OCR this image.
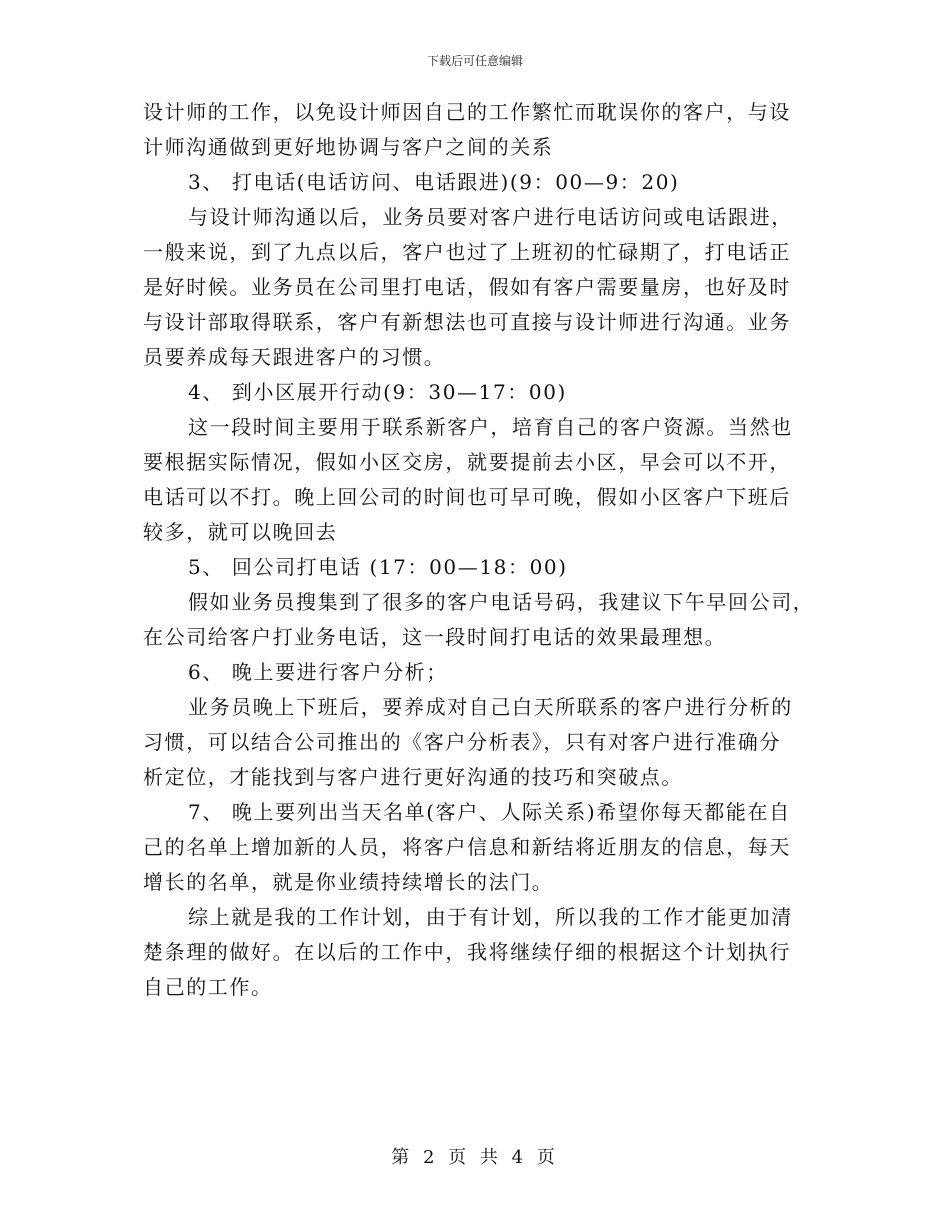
下载后可任意编辑
设计师的工作，以免设计师因自己的工作繁忙而耽误你的客户，与设
计师沟通做到更好地协调与客户之间的关系
3、 打电话(电话访问、电话跟进)(9：00—9：20)
与设计师沟通以后，业务员要对客户进行电话访问或电话跟进，
一般来说，到了九点以后，客户也过了上班初的忙碌期了，打电话正
是好时候。业务员在公司里打电话，假如有客户需要量房，也好及时
与设计部取得联系，客户有新想法也可直接与设计师进行沟通。业务
员要养成每天跟进客户的习惯。
4、 到小区展开行动(9：30—17：00)
这一段时间主要用于联系新客户，培育自己的客户资源。当然也
要根据实际情况，假如小区交房，就要提前去小区，早会可以不开，
电话可以不打。晚上回公司的时间也可早可晚，假如小区客户下班后
较多，就可以晚回去
5、 回公司打电话 (17：00—18：00)
假如业务员搜集到了很多的客户电话号码，我建议下午早回公司，
在公司给客户打业务电话，这一段时间打电话的效果最理想。
6、 晚上要进行客户分析；
业务员晚上下班后，要养成对自己白天所联系的客户进行分析的
习惯，可以结合公司推出的《客户分析表》，只有对客户进行准确分
析定位，才能找到与客户进行更好沟通的技巧和突破点。
7、 晚上要列出当天名单(客户、人际关系)希望你每天都能在自
己的名单上增加新的人员，将客户信息和新结将近朋友的信息，每天
增长的名单，就是你业绩持续增长的法门。
综上就是我的工作计划，由于有计划，所以我的工作才能更加清
楚条理的做好。在以后的工作中，我将继续仔细的根据这个计划执行
自己的工作。
第 2 页 共 4 页
